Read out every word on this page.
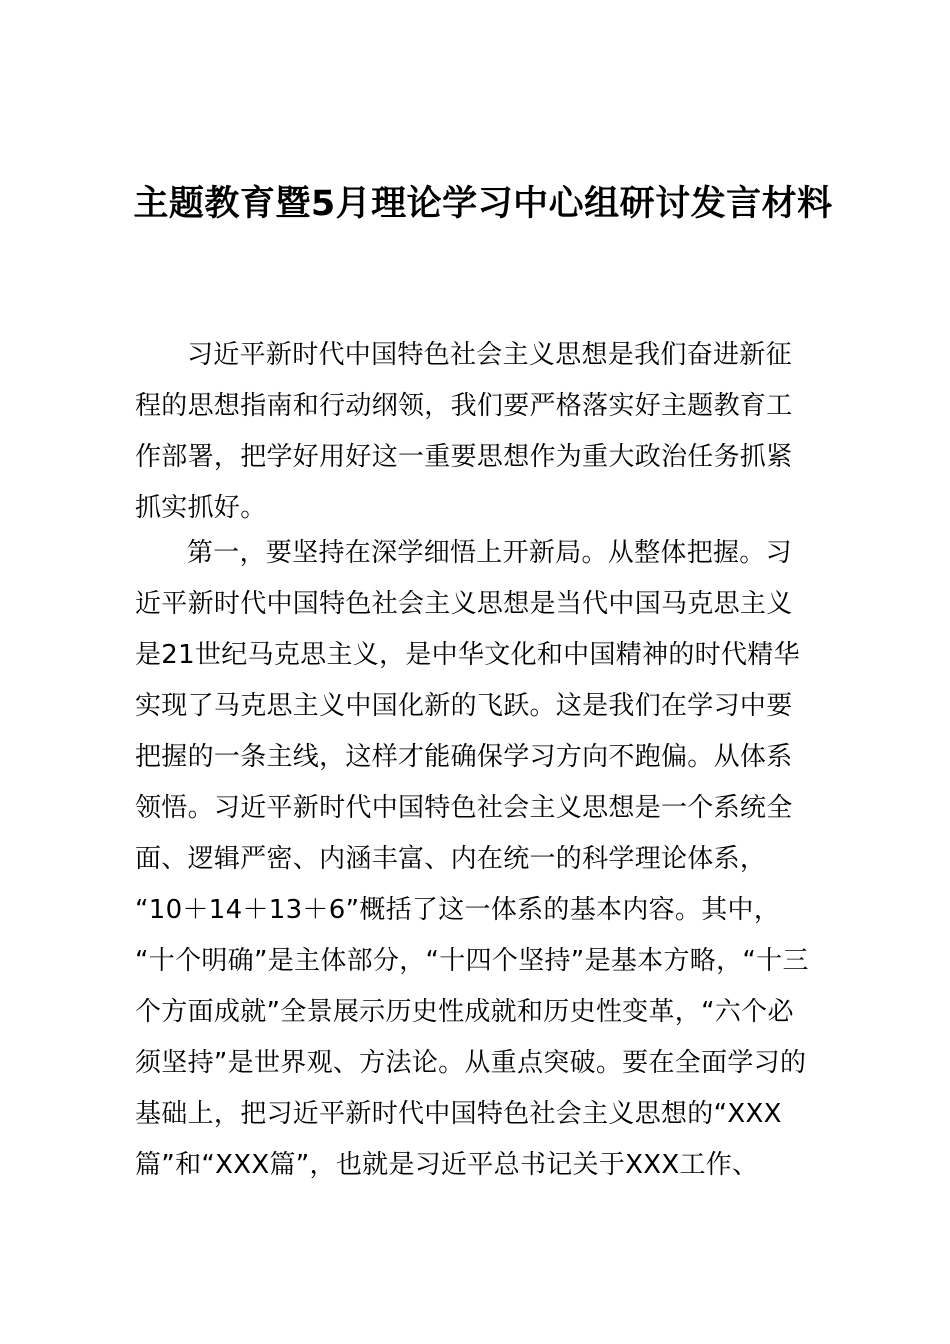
主题教育暨5月理论学习中心组研讨发言材料
习近平新时代中国特色社会主义思想是我们奋进新征
程的思想指南和行动纲领，我们要严格落实好主题教育工
作部署，把学好用好这一重要思想作为重大政治任务抓紧
抓实抓好。
第一，要坚持在深学细悟上开新局。从整体把握。习
近平新时代中国特色社会主义思想是当代中国马克思主义
是21世纪马克思主义，是中华文化和中国精神的时代精华
实现了马克思主义中国化新的飞跃。这是我们在学习中要
把握的一条主线，这样才能确保学习方向不跑偏。从体系
领悟。习近平新时代中国特色社会主义思想是一个系统全
面、逻辑严密、内涵丰富、内在统一的科学理论体系，
“10＋14＋13＋6”概括了这一体系的基本内容。其中，
“十个明确”是主体部分，“十四个坚持”是基本方略，“十三
个方面成就”全景展示历史性成就和历史性变革，“六个必
须坚持”是世界观、方法论。从重点突破。要在全面学习的
基础上，把习近平新时代中国特色社会主义思想的“XXX
篇”和“XXX篇”，也就是习近平总书记关于XXX工作、
